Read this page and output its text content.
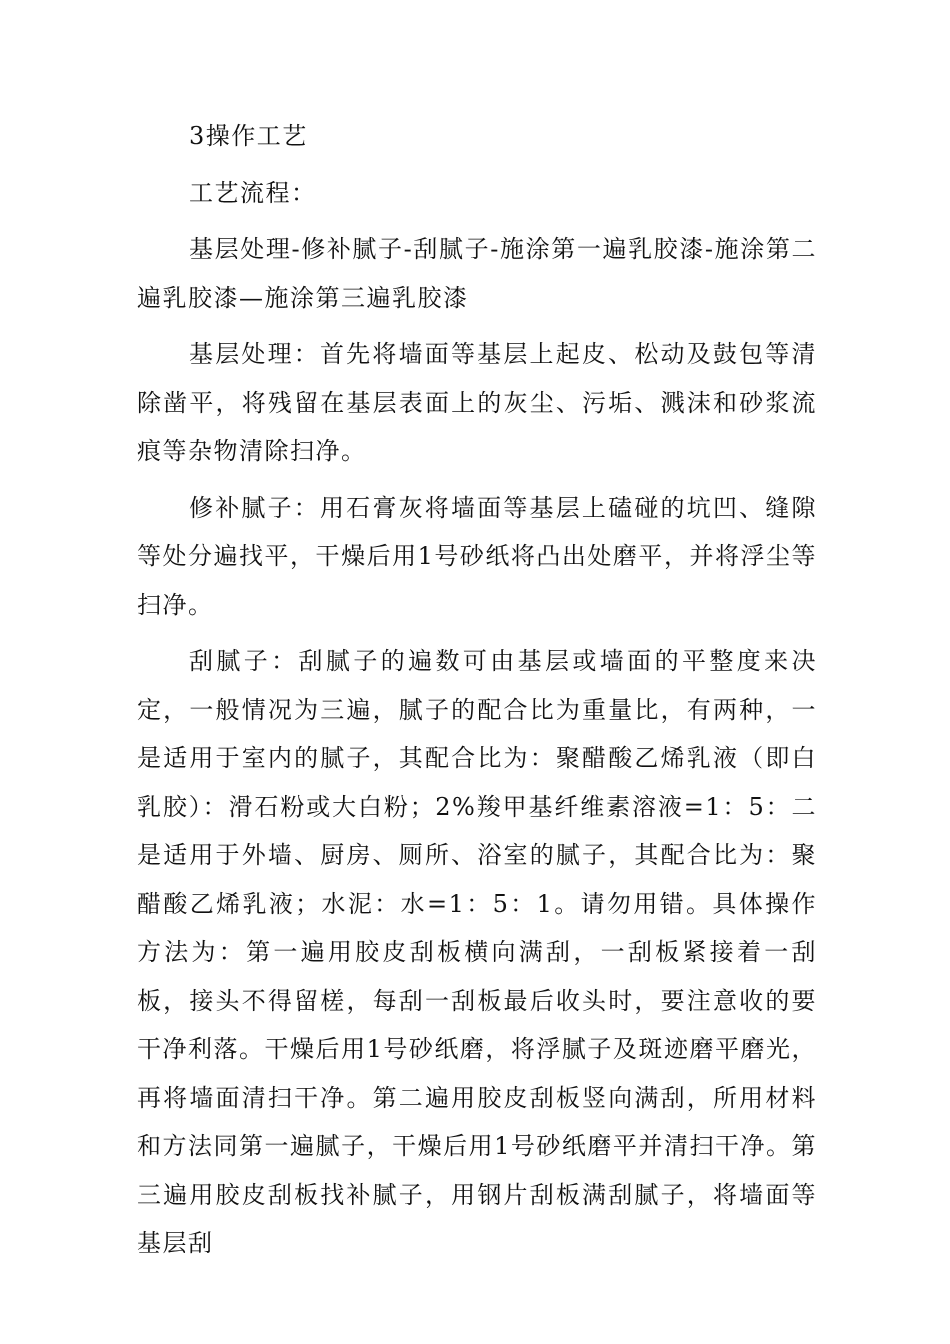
3操作工艺

工艺流程：

基层处理-修补腻子-刮腻子-施涂第一遍乳胶漆-施涂第二遍乳胶漆—施涂第三遍乳胶漆

基层处理：首先将墙面等基层上起皮、松动及鼓包等清除凿平，将残留在基层表面上的灰尘、污垢、溅沫和砂浆流痕等杂物清除扫净。

修补腻子：用石膏灰将墙面等基层上磕碰的坑凹、缝隙等处分遍找平，干燥后用1号砂纸将凸出处磨平，并将浮尘等扫净。

刮腻子：刮腻子的遍数可由基层或墙面的平整度来决定，一般情况为三遍，腻子的配合比为重量比，有两种，一是适用于室内的腻子，其配合比为：聚醋酸乙烯乳液（即白乳胶）：滑石粉或大白粉；2%羧甲基纤维素溶液=1：5：二是适用于外墙、厨房、厕所、浴室的腻子，其配合比为：聚醋酸乙烯乳液；水泥：水=1：5：1。请勿用错。具体操作方法为：第一遍用胶皮刮板横向满刮，一刮板紧接着一刮板，接头不得留槎，每刮一刮板最后收头时，要注意收的要干净利落。干燥后用1号砂纸磨，将浮腻子及斑迹磨平磨光，再将墙面清扫干净。第二遍用胶皮刮板竖向满刮，所用材料和方法同第一遍腻子，干燥后用1号砂纸磨平并清扫干净。第三遍用胶皮刮板找补腻子，用钢片刮板满刮腻子，将墙面等基层刮
